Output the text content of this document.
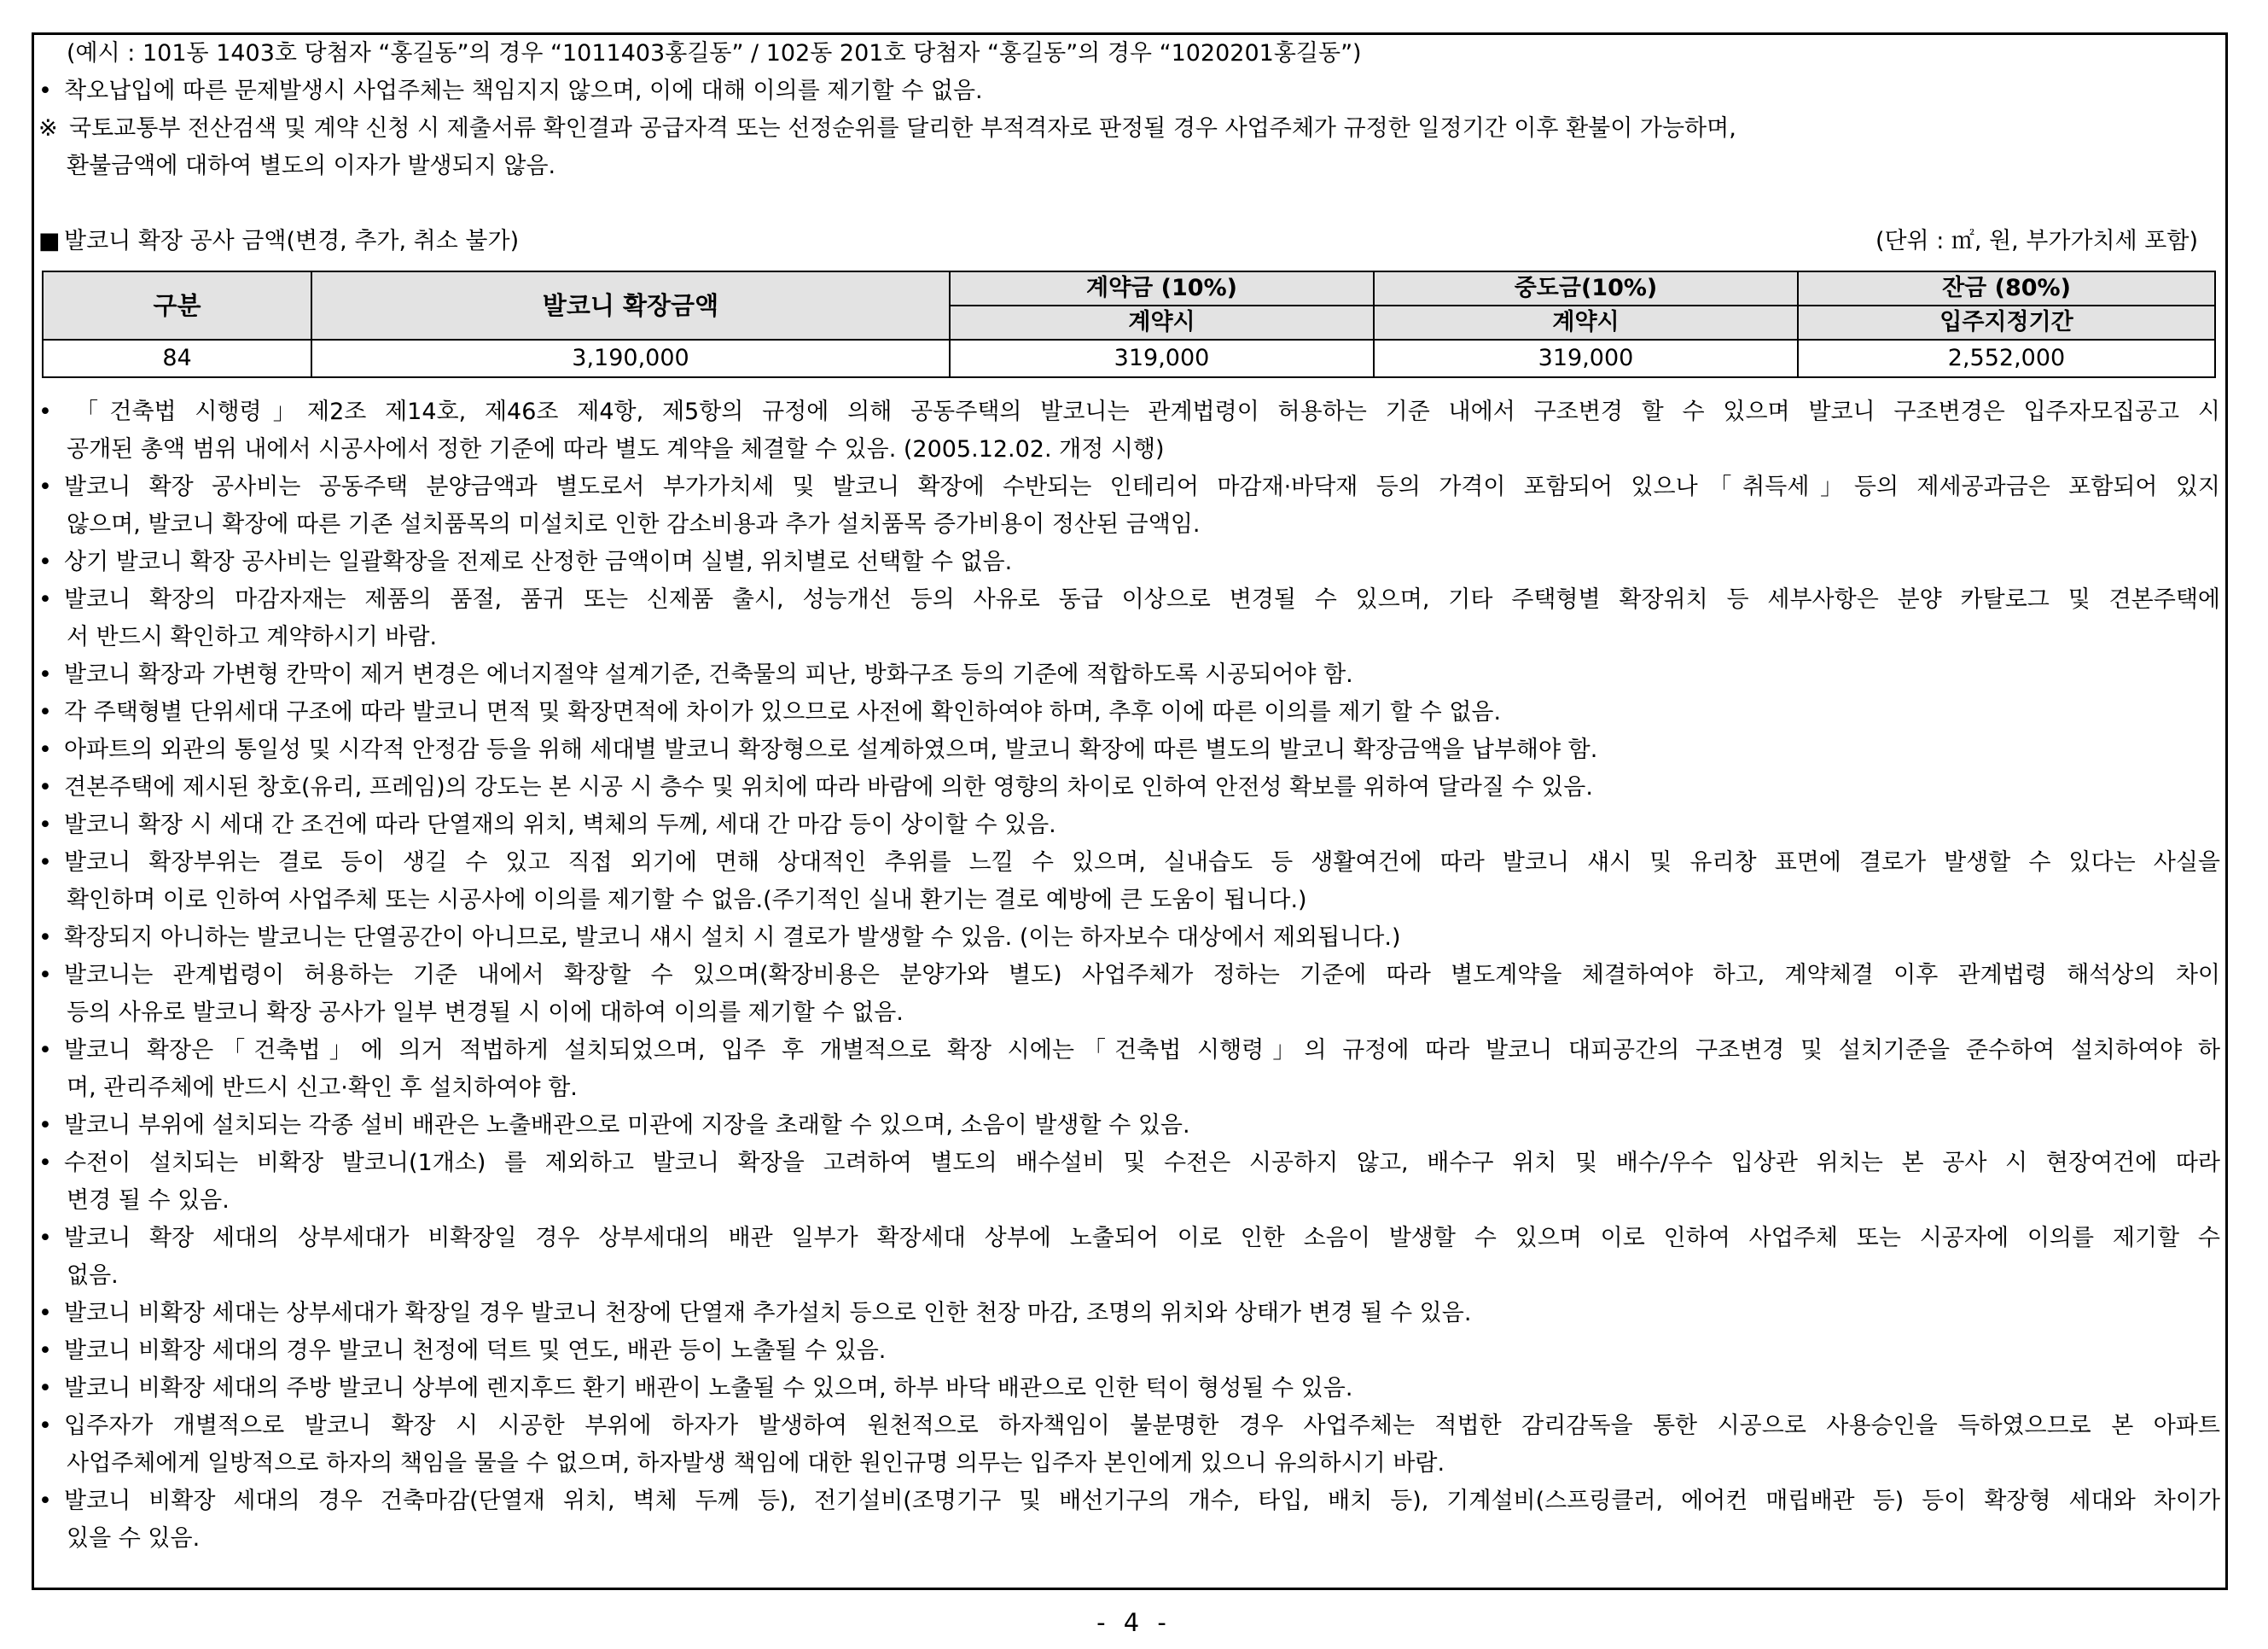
(예시 : 101동 1403호 당첨자 “홍길동”의 경우 “1011403홍길동” / 102동 201호 당첨자 “홍길동”의 경우 “1020201홍길동”)
• 착오납입에 따른 문제발생시 사업주체는 책임지지 않으며, 이에 대해 이의를 제기할 수 없음.
※ 국토교통부 전산검색 및 계약 신청 시 제출서류 확인결과 공급자격 또는 선정순위를 달리한 부적격자로 판정될 경우 사업주체가 규정한 일정기간 이후 환불이 가능하며,
환불금액에 대하여 별도의 이자가 발생되지 않음.
■ 발코니 확장 공사 금액(변경, 추가, 취소 불가)	(단위 : ㎡, 원, 부가가치세 포함)
구분	발코니 확장금액	계약금 (10%)	중도금(10%)	잔금 (80%)
		계약시	계약시	입주지정기간
84	3,190,000	319,000	319,000	2,552,000
• 「건축법 시행령」제2조 제14호, 제46조 제4항, 제5항의 규정에 의해 공동주택의 발코니는 관계법령이 허용하는 기준 내에서 구조변경 할 수 있으며 발코니 구조변경은 입주자모집공고 시
공개된 총액 범위 내에서 시공사에서 정한 기준에 따라 별도 계약을 체결할 수 있음. (2005.12.02. 개정 시행)
• 발코니 확장 공사비는 공동주택 분양금액과 별도로서 부가가치세 및 발코니 확장에 수반되는 인테리어 마감재·바닥재 등의 가격이 포함되어 있으나「취득세」등의 제세공과금은 포함되어 있지
않으며, 발코니 확장에 따른 기존 설치품목의 미설치로 인한 감소비용과 추가 설치품목 증가비용이 정산된 금액임.
• 상기 발코니 확장 공사비는 일괄확장을 전제로 산정한 금액이며 실별, 위치별로 선택할 수 없음.
• 발코니 확장의 마감자재는 제품의 품절, 품귀 또는 신제품 출시, 성능개선 등의 사유로 동급 이상으로 변경될 수 있으며, 기타 주택형별 확장위치 등 세부사항은 분양 카탈로그 및 견본주택에
서 반드시 확인하고 계약하시기 바람.
• 발코니 확장과 가변형 칸막이 제거 변경은 에너지절약 설계기준, 건축물의 피난, 방화구조 등의 기준에 적합하도록 시공되어야 함.
• 각 주택형별 단위세대 구조에 따라 발코니 면적 및 확장면적에 차이가 있으므로 사전에 확인하여야 하며, 추후 이에 따른 이의를 제기 할 수 없음.
• 아파트의 외관의 통일성 및 시각적 안정감 등을 위해 세대별 발코니 확장형으로 설계하였으며, 발코니 확장에 따른 별도의 발코니 확장금액을 납부해야 함.
• 견본주택에 제시된 창호(유리, 프레임)의 강도는 본 시공 시 층수 및 위치에 따라 바람에 의한 영향의 차이로 인하여 안전성 확보를 위하여 달라질 수 있음.
• 발코니 확장 시 세대 간 조건에 따라 단열재의 위치, 벽체의 두께, 세대 간 마감 등이 상이할 수 있음.
• 발코니 확장부위는 결로 등이 생길 수 있고 직접 외기에 면해 상대적인 추위를 느낄 수 있으며, 실내습도 등 생활여건에 따라 발코니 섀시 및 유리창 표면에 결로가 발생할 수 있다는 사실을
확인하며 이로 인하여 사업주체 또는 시공사에 이의를 제기할 수 없음.(주기적인 실내 환기는 결로 예방에 큰 도움이 됩니다.)
• 확장되지 아니하는 발코니는 단열공간이 아니므로, 발코니 섀시 설치 시 결로가 발생할 수 있음. (이는 하자보수 대상에서 제외됩니다.)
• 발코니는 관계법령이 허용하는 기준 내에서 확장할 수 있으며(확장비용은 분양가와 별도) 사업주체가 정하는 기준에 따라 별도계약을 체결하여야 하고, 계약체결 이후 관계법령 해석상의 차이
등의 사유로 발코니 확장 공사가 일부 변경될 시 이에 대하여 이의를 제기할 수 없음.
• 발코니 확장은「건축법」에 의거 적법하게 설치되었으며, 입주 후 개별적으로 확장 시에는「건축법 시행령」의 규정에 따라 발코니 대피공간의 구조변경 및 설치기준을 준수하여 설치하여야 하
며, 관리주체에 반드시 신고·확인 후 설치하여야 함.
• 발코니 부위에 설치되는 각종 설비 배관은 노출배관으로 미관에 지장을 초래할 수 있으며, 소음이 발생할 수 있음.
• 수전이 설치되는 비확장 발코니(1개소) 를 제외하고 발코니 확장을 고려하여 별도의 배수설비 및 수전은 시공하지 않고, 배수구 위치 및 배수/우수 입상관 위치는 본 공사 시 현장여건에 따라
변경 될 수 있음.
• 발코니 확장 세대의 상부세대가 비확장일 경우 상부세대의 배관 일부가 확장세대 상부에 노출되어 이로 인한 소음이 발생할 수 있으며 이로 인하여 사업주체 또는 시공자에 이의를 제기할 수
없음.
• 발코니 비확장 세대는 상부세대가 확장일 경우 발코니 천장에 단열재 추가설치 등으로 인한 천장 마감, 조명의 위치와 상태가 변경 될 수 있음.
• 발코니 비확장 세대의 경우 발코니 천정에 덕트 및 연도, 배관 등이 노출될 수 있음.
• 발코니 비확장 세대의 주방 발코니 상부에 렌지후드 환기 배관이 노출될 수 있으며, 하부 바닥 배관으로 인한 턱이 형성될 수 있음.
• 입주자가 개별적으로 발코니 확장 시 시공한 부위에 하자가 발생하여 원천적으로 하자책임이 불분명한 경우 사업주체는 적법한 감리감독을 통한 시공으로 사용승인을 득하였으므로 본 아파트
사업주체에게 일방적으로 하자의 책임을 물을 수 없으며, 하자발생 책임에 대한 원인규명 의무는 입주자 본인에게 있으니 유의하시기 바람.
• 발코니 비확장 세대의 경우 건축마감(단열재 위치, 벽체 두께 등), 전기설비(조명기구 및 배선기구의 개수, 타입, 배치 등), 기계설비(스프링클러, 에어컨 매립배관 등) 등이 확장형 세대와 차이가
있을 수 있음.
- 4 -
